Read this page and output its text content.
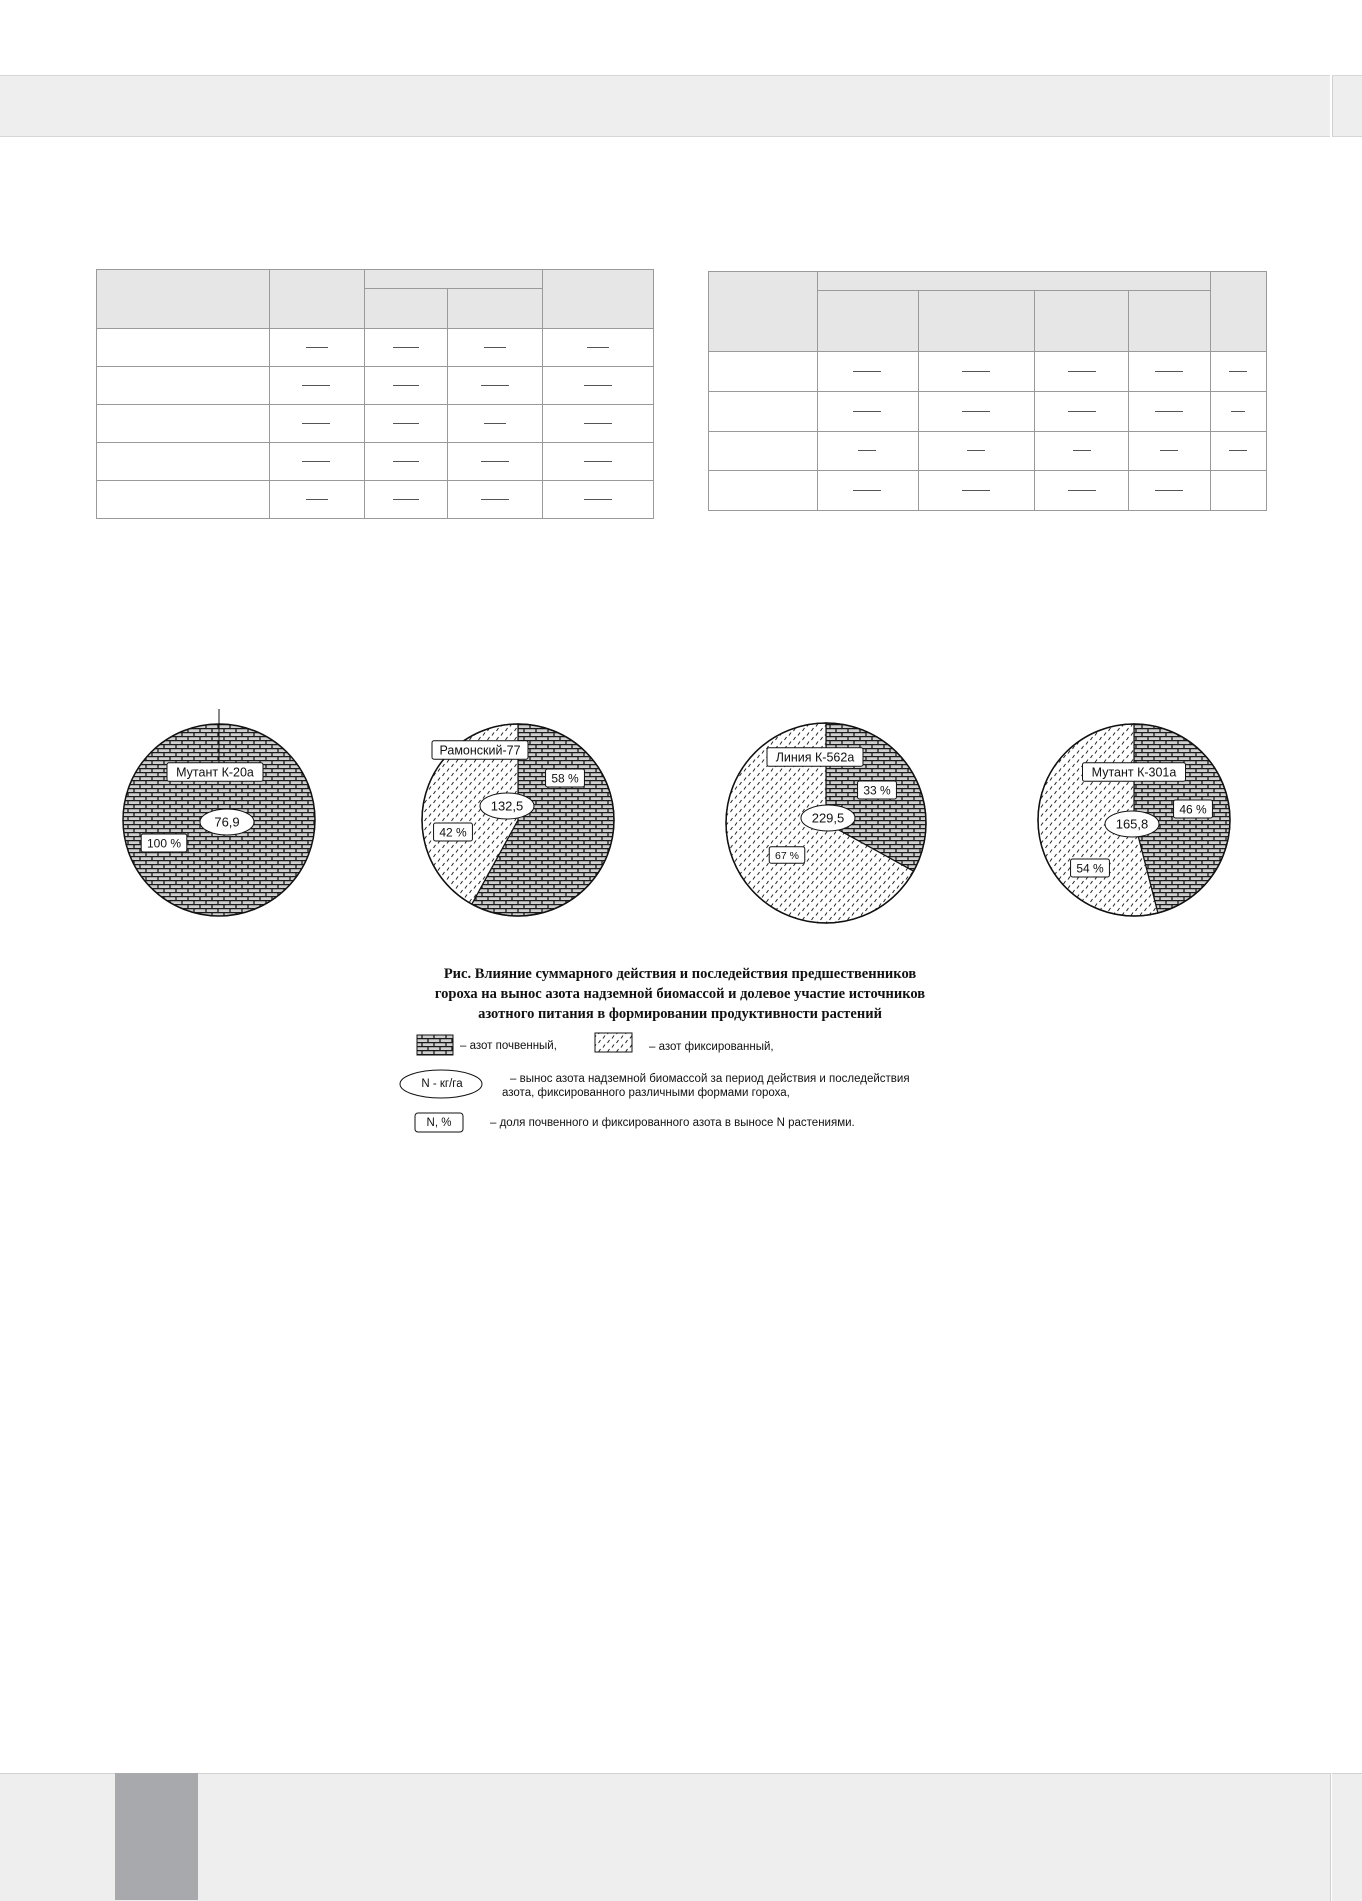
Мутант К-20а
76,9
100 %
Рамонский-77
132,5
58 %
42 %
Линия К-562а
229,5
33 %
67 %
Мутант К-301а
165,8
46 %
54 %
Рис. Влияние суммарного действия и последействия предшественников
гороха на вынос азота надземной биомассой и долевое участие источников
азотного питания в формировании продуктивности растений
– азот почвенный,	– азот фиксированный,
N - кг/га	– вынос азота надземной биомассой за период действия и последействия
азота, фиксированного различными формами гороха,
N, %	– доля почвенного и фиксированного азота в выносе N растениями.
